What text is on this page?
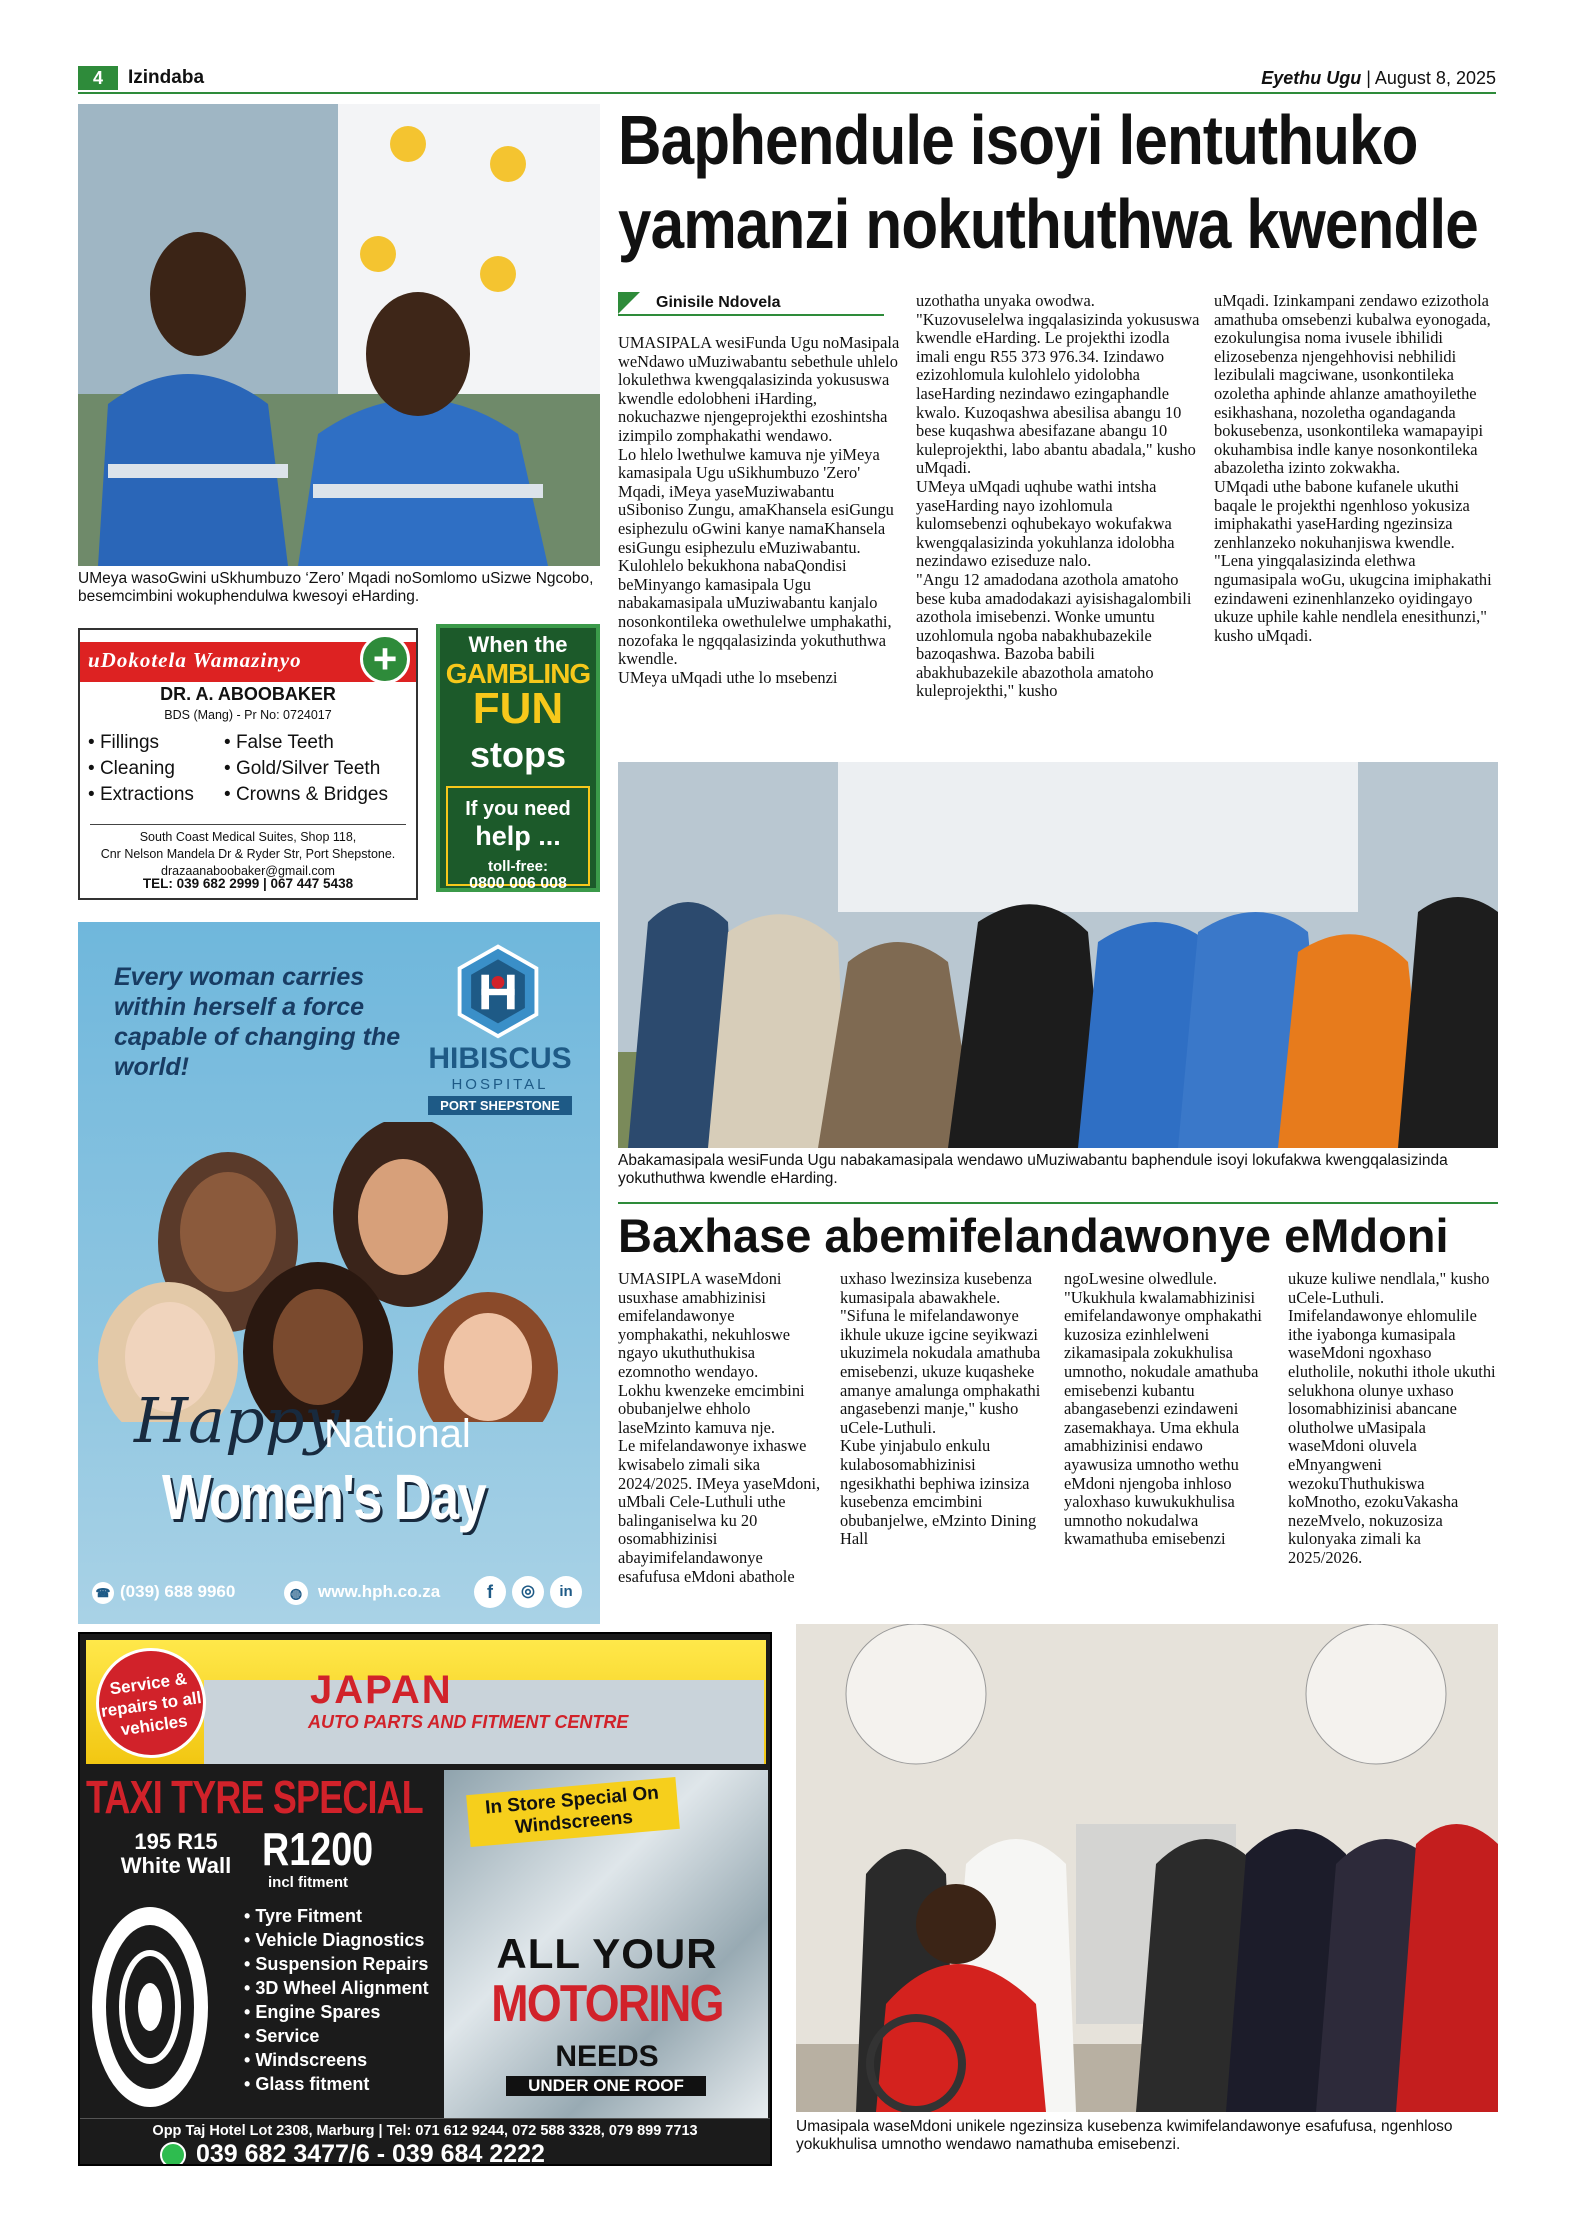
4	Izindaba	Eyethu Ugu | August 8, 2025
UMeya wasoGwini uSkhumbuzo ‘Zero’ Mqadi noSomlomo uSizwe Ngcobo, besemcimbini wokuphendulwa kwesoyi eHarding.
Baphendule isoyi lentuthuko
yamanzi nokuthuthwa kwendle
Ginisile Ndovela

UMASIPALA wesiFunda Ugu noMasipala weNdawo uMuziwabantu sebethule uhlelo lokulethwa kwengqalasizinda yokususwa kwendle edolobheni iHarding, nokuchazwe njengeprojekthi ezoshintsha izimpilo zomphakathi wendawo.

Lo hlelo lwethulwe kamuva nje yiMeya kamasipala Ugu uSikhumbuzo 'Zero' Mqadi, iMeya yaseMuziwabantu uSiboniso Zungu, amaKhansela esiGungu esiphezulu oGwini kanye namaKhansela esiGungu esiphezulu eMuziwabantu.

Kulohlelo bekukhona nabaQondisi beMinyango kamasipala Ugu nabakamasipala uMuziwabantu kanjalo nosonkontileka owethulelwe umphakathi, nozofaka le ngqqalasizinda yokuthuthwa kwendle.

UMeya uMqadi uthe lo msebenzi

uzothatha unyaka owodwa. "Kuzovuselelwa ingqalasizinda yokususwa kwendle eHarding. Le projekthi izodla imali engu R55 373 976.34. Izindawo ezizohlomula kulohlelo yidolobha laseHarding nezindawo ezingaphandle kwalo. Kuzoqashwa abesilisa abangu 10 bese kuqashwa abesifazane abangu 10 kuleprojekthi, labo abantu abadala," kusho uMqadi.

UMeya uMqadi uqhube wathi intsha yaseHarding nayo izohlomula kulomsebenzi oqhubekayo wokufakwa kwengqalasizinda yokuhlanza idolobha nezindawo eziseduze nalo.

"Angu 12 amadodana azothola amatoho bese kuba amadodakazi ayisishagalombili azothola imisebenzi. Wonke umuntu uzohlomula ngoba nabakhubazekile bazoqashwa. Bazoba babili abakhubazekile abazothola amatoho kuleprojekthi," kusho

uMqadi. Izinkampani zendawo ezizothola amathuba omsebenzi kubalwa eyonogada, ezokulungisa noma ivusele ibhilidi elizosebenza njengehhovisi nebhilidi lezibulali magciwane, usonkontileka ozoletha aphinde ahlanze amathoyilethe esikhashana, nozoletha ogandaganda bokusebenza, usonkontileka wamapayipi okuhambisa indle kanye nosonkontileka abazoletha izinto zokwakha.

UMqadi uthe babone kufanele ukuthi baqale le projekthi ngenhloso yokusiza imiphakathi yaseHarding ngezinsiza zenhlanzeko nokuhanjiswa kwendle.

"Lena yingqalasizinda elethwa ngumasipala woGu, ukugcina imiphakathi ezindaweni ezinenhlanzeko oyidingayo ukuze uphile kahle nendlela enesithunzi," kusho uMqadi.

Abakamasipala wesiFunda Ugu nabakamasipala wendawo uMuziwabantu baphendule isoyi lokufakwa kwengqalasizinda yokuthuthwa kwendle eHarding.
uDokotela Wamazinyo	+
DR. A. ABOOBAKER
BDS (Mang) - Pr No: 0724017
• Fillings
• Cleaning
• Extractions
• False Teeth
• Gold/Silver Teeth
• Crowns & Bridges
South Coast Medical Suites, Shop 118,
Cnr Nelson Mandela Dr & Ryder Str, Port Shepstone.
drazaanaboobaker@gmail.com
TEL: 039 682 2999 | 067 447 5438
When the
GAMBLING
FUN
stops
If you need
help ...
toll-free:
0800 006 008
Every woman carries within herself a force capable of changing the world!	HIBISCUS
HOSPITAL
PORT SHEPSTONE
Happy
National
Women's Day
☎ (039) 688 9960	◍ www.hph.co.za	f	◎	in
Baxhase abemifelandawonye eMdoni

UMASIPLA waseMdoni usuxhase amabhizinisi emifelandawonye yomphakathi, nekuhloswe ngayo ukuthuthukisa ezomnotho wendayo.

Lokhu kwenzeke emcimbini obubanjelwe ehholo laseMzinto kamuva nje.

Le mifelandawonye ixhaswe kwisabelo zimali sika 2024/2025. IMeya yaseMdoni, uMbali Cele-Luthuli uthe balinganiselwa ku 20 osomabhizinisi abayimifelandawonye esafufusa eMdoni abathole

uxhaso lwezinsiza kusebenza kumasipala abawakhele. "Sifuna le mifelandawonye ikhule ukuze igcine seyikwazi ukuzimela nokudala amathuba emisebenzi, ukuze kuqasheke amanye amalunga omphakathi angasebenzi manje," kusho uCele-Luthuli.

Kube yinjabulo enkulu kulabosomabhizinisi ngesikhathi bephiwa izinsiza kusebenza emcimbini obubanjelwe, eMzinto Dining Hall

ngoLwesine olwedlule. "Ukukhula kwalamabhizinisi emifelandawonye omphakathi kuzosiza ezinhlelweni zikamasipala zokukhulisa umnotho, nokudale amathuba emisebenzi kubantu abangasebenzi ezindaweni zasemakhaya. Uma ekhula amabhizinisi endawo ayawusiza umnotho wethu eMdoni njengoba inhloso yaloxhaso kuwukukhulisa umnotho nokudalwa kwamathuba emisebenzi

ukuze kuliwe nendlala," kusho uCele-Luthuli.

Imifelandawonye ehlomulile ithe iyabonga kumasipala waseMdoni ngoxhaso elutholile, nokuthi ithole ukuthi selukhona olunye uxhaso losomabhizinisi abancane olutholwe uMasipala waseMdoni oluvela eMnyangweni wezokuThuthukiswa koMnotho, ezokuVakasha nezeMvelo, nokuzosiza kulonyaka zimali ka 2025/2026.

Umasipala waseMdoni unikele ngezinsiza kusebenza kwimifelandawonye esafufusa, ngenhloso yokukhulisa umnotho wendawo namathuba emisebenzi.
JAPAN
AUTO PARTS AND FITMENT CENTRE
Service & repairs to all vehicles
TAXI TYRE SPECIAL
195 R15
White Wall R1200
incl fitment
• Tyre Fitment
• Vehicle Diagnostics
• Suspension Repairs
• 3D Wheel Alignment
• Engine Spares
• Service
• Windscreens
• Glass fitment
In Store Special On Windscreens
ALL YOUR
MOTORING
NEEDS
UNDER ONE ROOF
Opp Taj Hotel Lot 2308, Marburg | Tel: 071 612 9244, 072 588 3328, 079 899 7713
039 682 3477/6 - 039 684 2222
